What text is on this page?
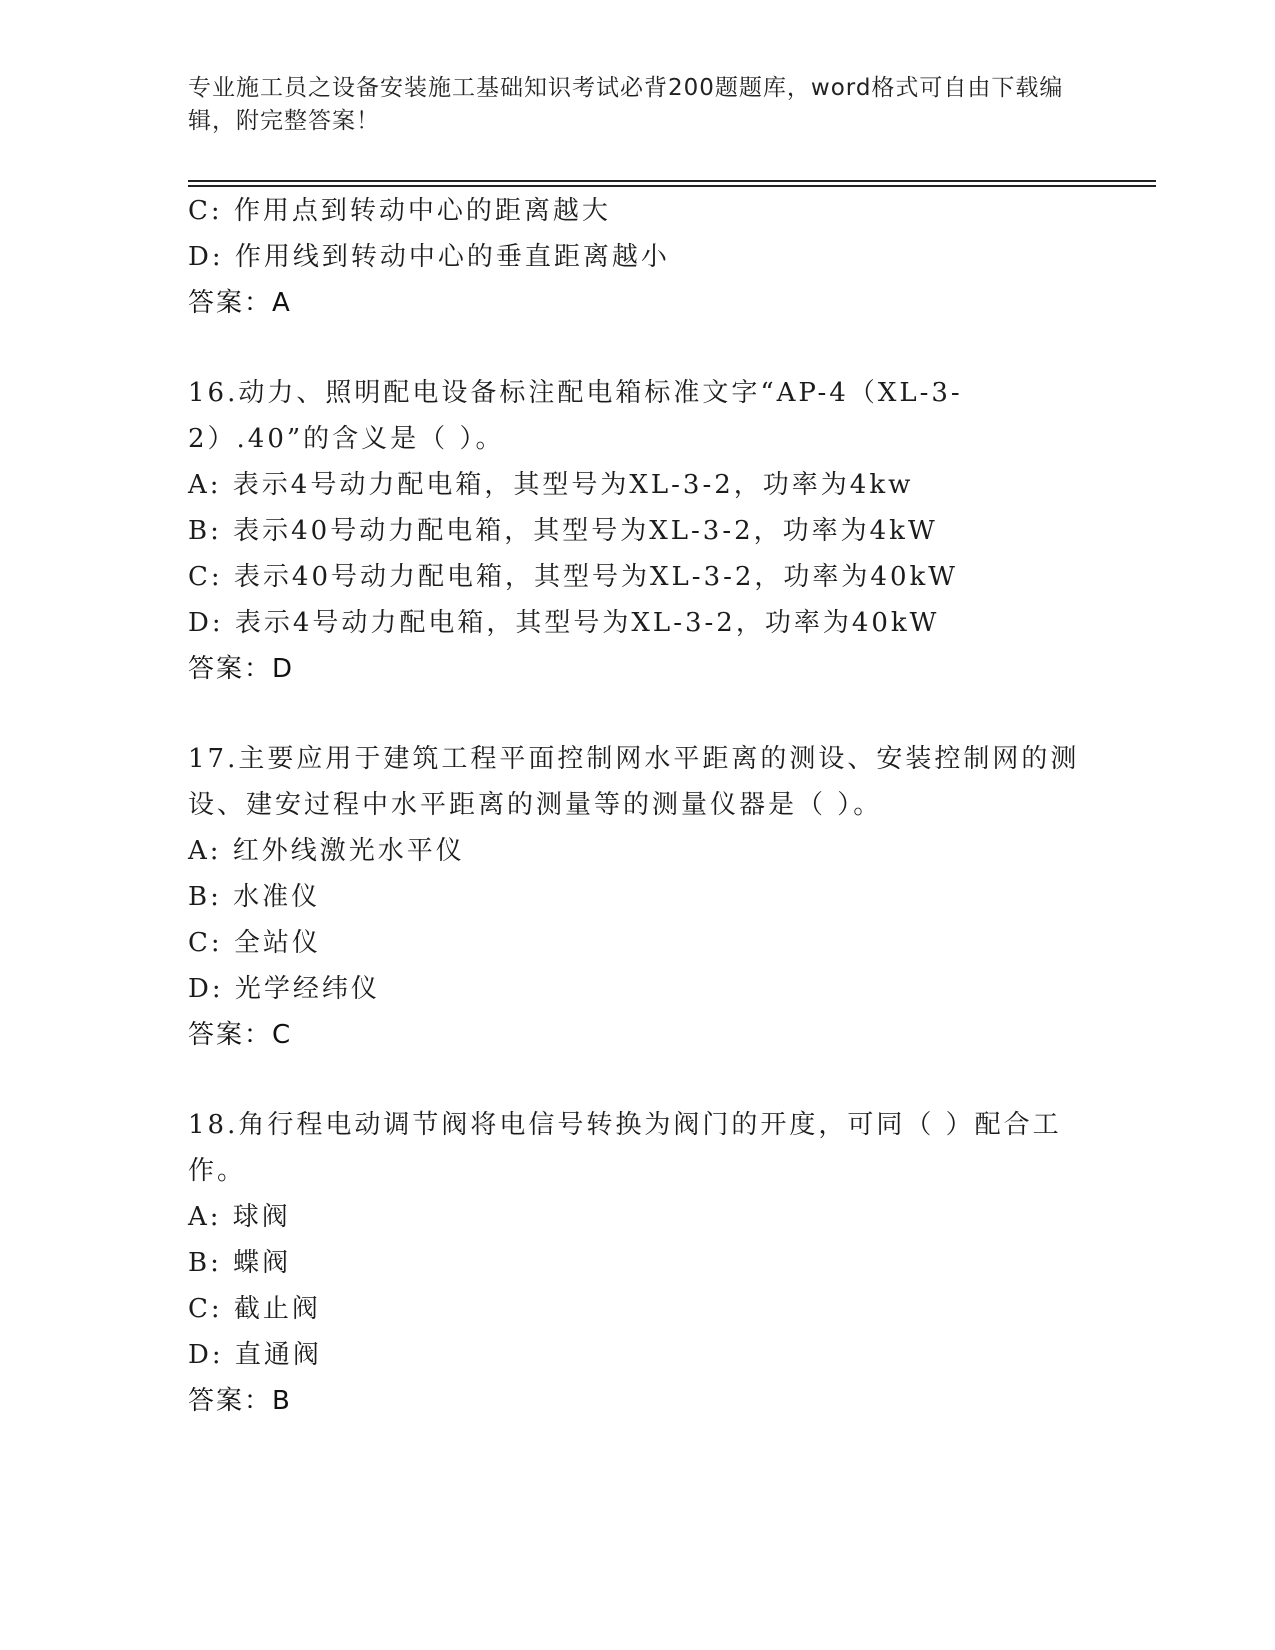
专业施工员之设备安装施工基础知识考试必背200题题库，word格式可自由下载编辑，附完整答案！
C: 作用点到转动中心的距离越大
D: 作用线到转动中心的垂直距离越小
答案：A
16.动力、照明配电设备标注配电箱标准文字“AP-4（XL-3-2）.40”的含义是（ ）。
A: 表示4号动力配电箱，其型号为XL-3-2，功率为4kw
B: 表示40号动力配电箱，其型号为XL-3-2，功率为4kW
C: 表示40号动力配电箱，其型号为XL-3-2，功率为40kW
D: 表示4号动力配电箱，其型号为XL-3-2，功率为40kW
答案：D
17.主要应用于建筑工程平面控制网水平距离的测设、安装控制网的测设、建安过程中水平距离的测量等的测量仪器是（ ）。
A: 红外线激光水平仪
B: 水准仪
C: 全站仪
D: 光学经纬仪
答案：C
18.角行程电动调节阀将电信号转换为阀门的开度，可同（ ）配合工作。
A: 球阀
B: 蝶阀
C: 截止阀
D: 直通阀
答案：B
